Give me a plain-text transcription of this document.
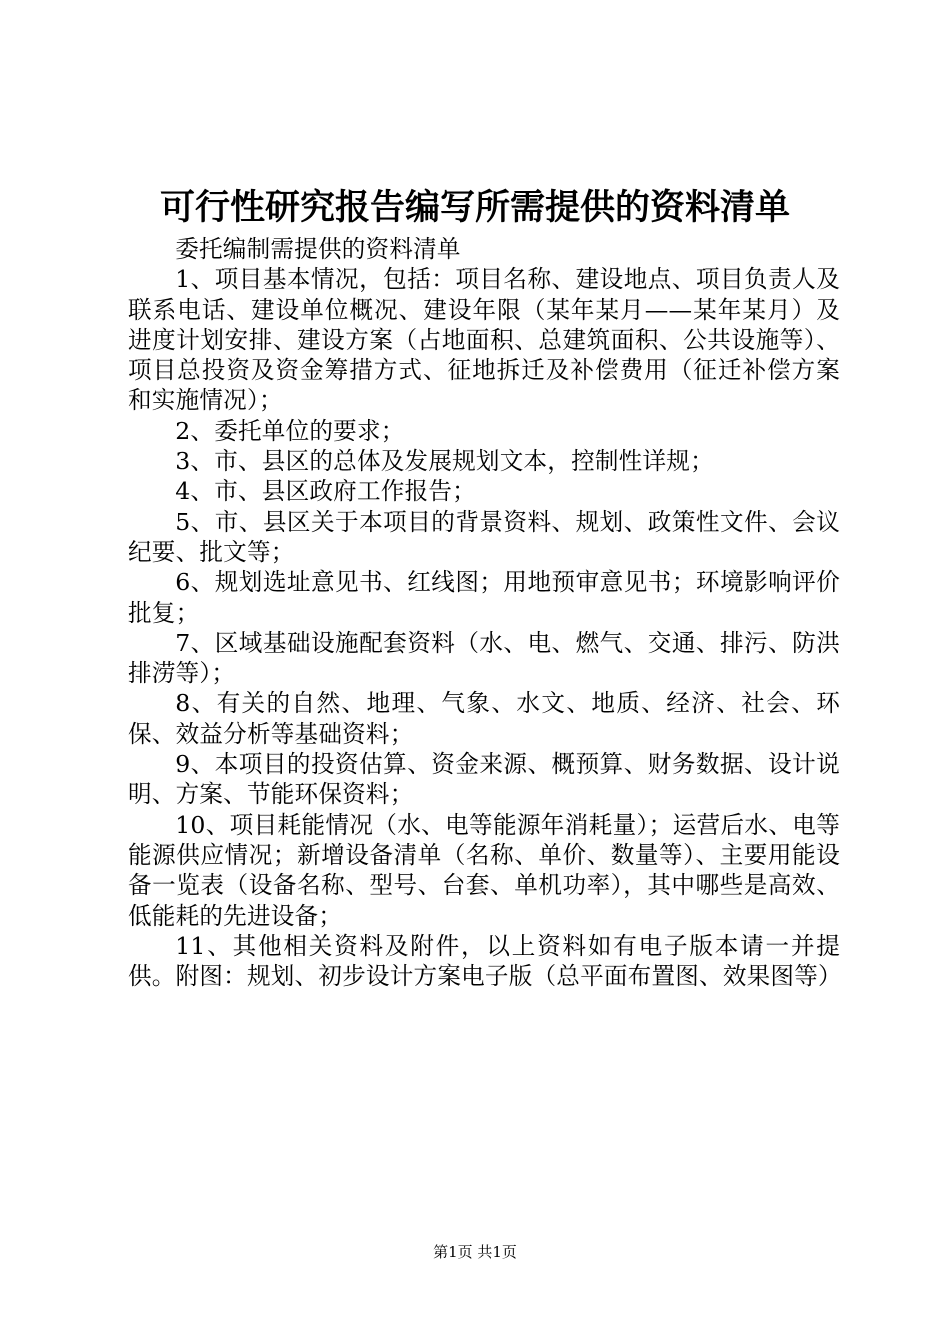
可行性研究报告编写所需提供的资料清单

委托编制需提供的资料清单

1、项目基本情况，包括：项目名称、建设地点、项目负责人及联系电话、建设单位概况、建设年限（某年某月——某年某月）及进度计划安排、建设方案（占地面积、总建筑面积、公共设施等）、项目总投资及资金筹措方式、征地拆迁及补偿费用（征迁补偿方案和实施情况）；

2、委托单位的要求；

3、市、县区的总体及发展规划文本，控制性详规；

4、市、县区政府工作报告；

5、市、县区关于本项目的背景资料、规划、政策性文件、会议纪要、批文等；

6、规划选址意见书、红线图；用地预审意见书；环境影响评价批复；

7、区域基础设施配套资料（水、电、燃气、交通、排污、防洪排涝等）；

8、有关的自然、地理、气象、水文、地质、经济、社会、环保、效益分析等基础资料；

9、本项目的投资估算、资金来源、概预算、财务数据、设计说明、方案、节能环保资料；

10、项目耗能情况（水、电等能源年消耗量）；运营后水、电等能源供应情况；新增设备清单（名称、单价、数量等）、主要用能设备一览表（设备名称、型号、台套、单机功率），其中哪些是高效、低能耗的先进设备；

11、其他相关资料及附件，以上资料如有电子版本请一并提供。附图：规划、初步设计方案电子版（总平面布置图、效果图等）

第1页 共1页
